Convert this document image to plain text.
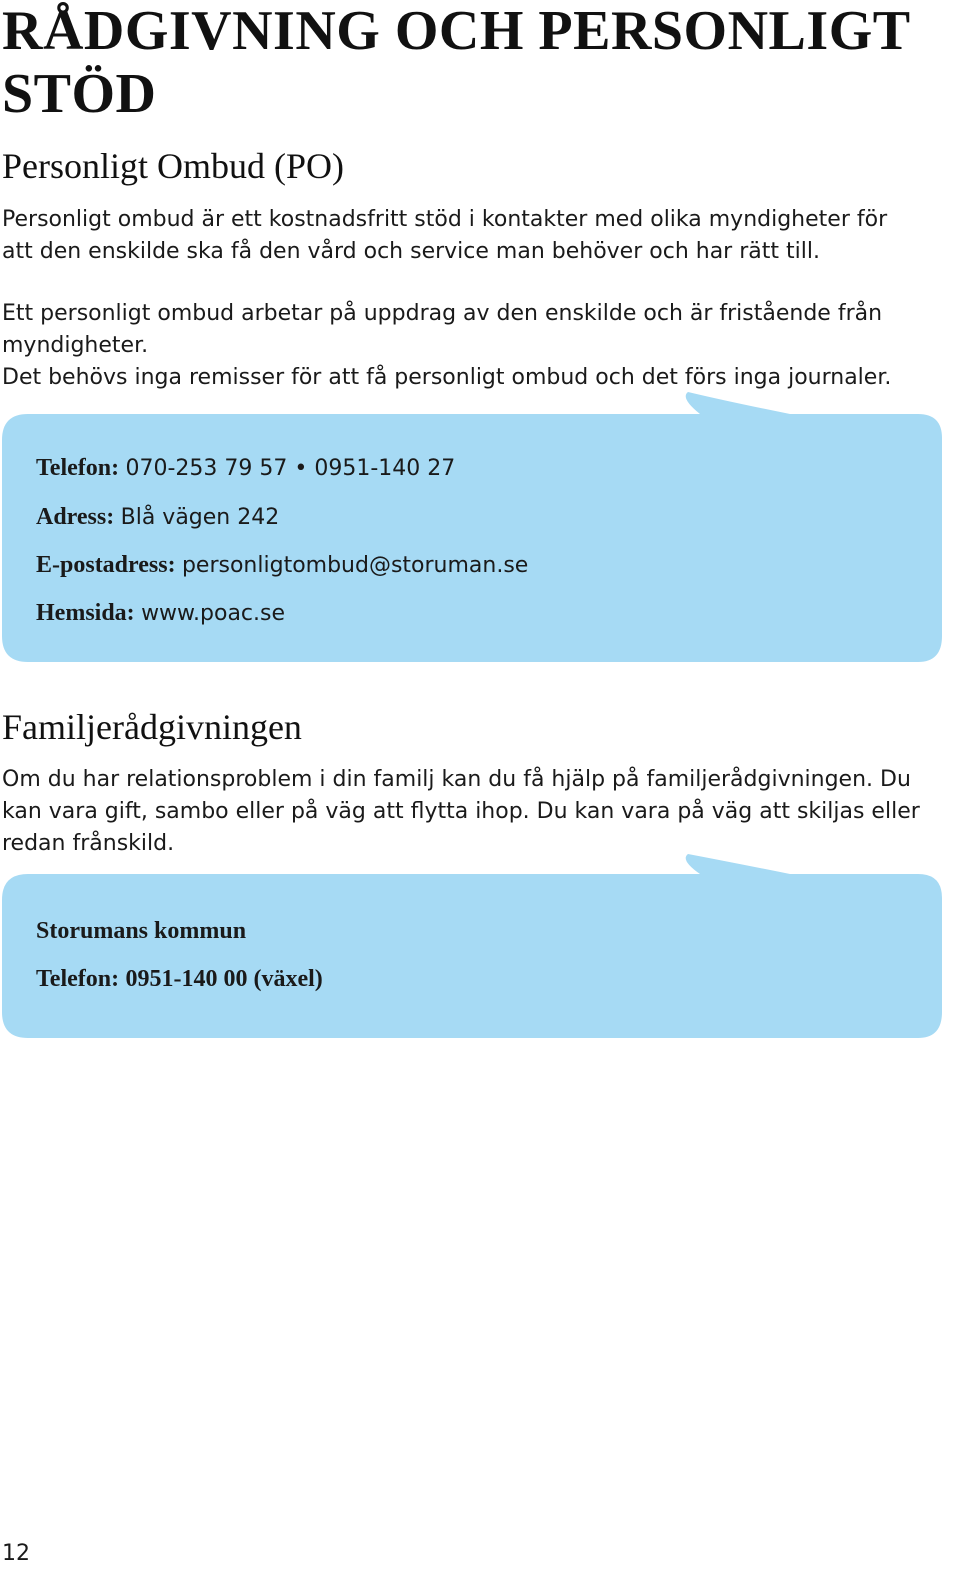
RÅDGIVNING OCH PERSONLIGT STÖD
Personligt Ombud (PO)

Personligt ombud är ett kostnadsfritt stöd i kontakter med olika myndigheter för att den enskilde ska få den vård och service man behöver och har rätt till.

Ett personligt ombud arbetar på uppdrag av den enskilde och är fristående från myndigheter.

Det behövs inga remisser för att få personligt ombud och det förs inga journaler.

Telefon: 070-253 79 57 • 0951-140 27

Adress: Blå vägen 242

E-postadress: personligtombud@storuman.se

Hemsida: www.poac.se

Familjerådgivningen

Om du har relationsproblem i din familj kan du få hjälp på familjerådgivningen. Du kan vara gift, sambo eller på väg att flytta ihop. Du kan vara på väg att skiljas eller redan frånskild.

Storumans kommun

Telefon: 0951-140 00 (växel)

12
